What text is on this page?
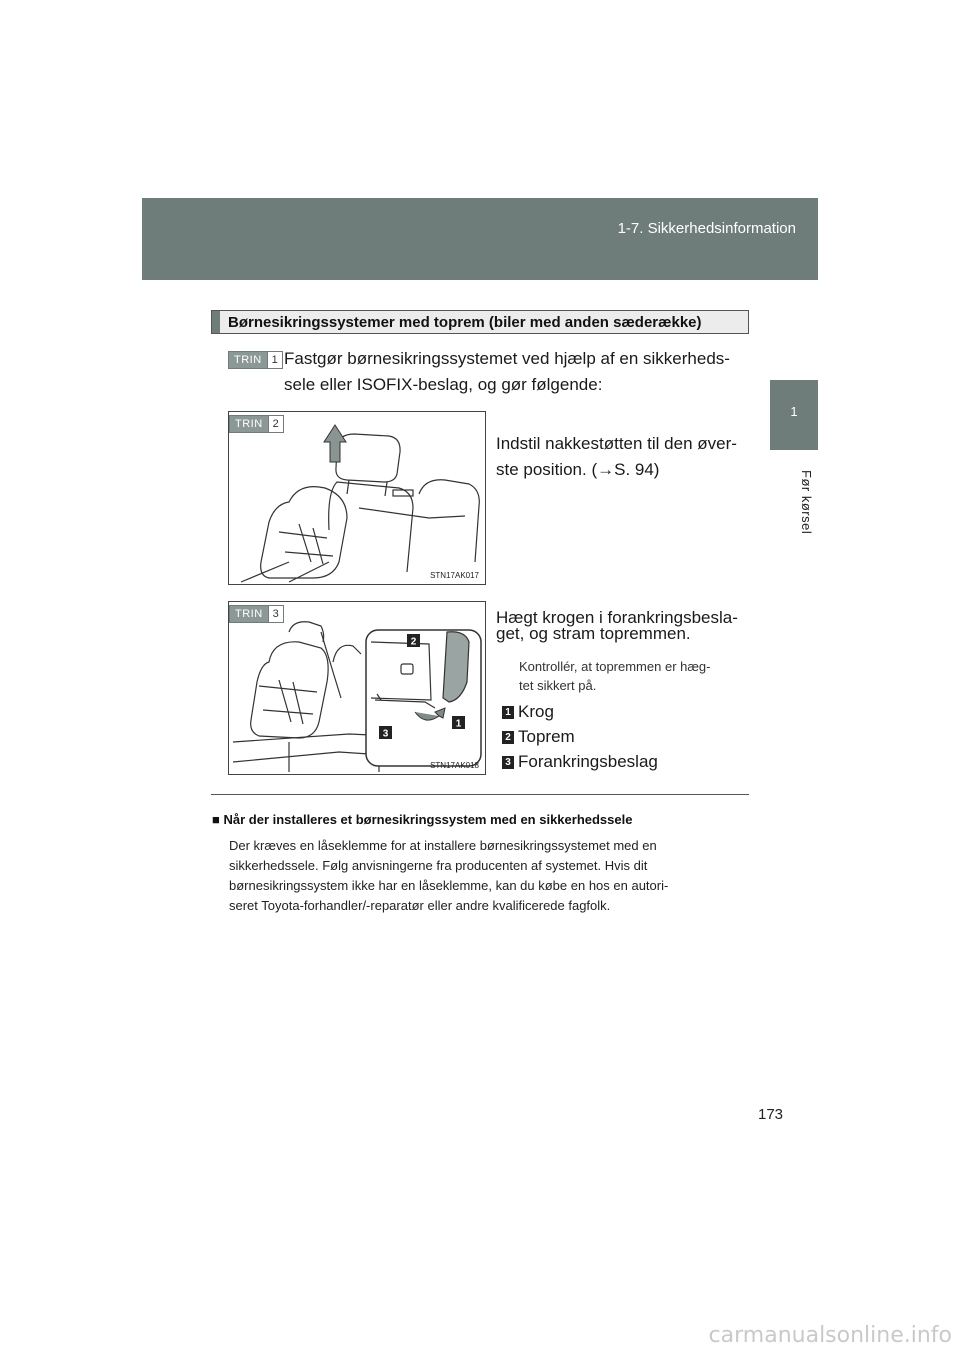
1-7. Sikkerhedsinformation
1
Før kørsel
Børnesikringssystemer med toprem (biler med anden sæderække)
TRIN 1 Fastgør børnesikringssystemet ved hjælp af en sikkerheds-
sele eller ISOFIX-beslag, og gør følgende:
STN17AK017
TRIN 2
Indstil nakkestøtten til den øver-
ste position. (→S. 94)
2
1
3
STN17AK018
TRIN 3	Hægt krogen i forankringsbesla-
get, og stram topremmen.
Kontrollér, at topremmen er hæg-
tet sikkert på.
1 Krog
2 Toprem
3 Forankringsbeslag
■ Når der installeres et børnesikringssystem med en sikkerhedssele
Der kræves en låseklemme for at installere børnesikringssystemet med en
sikkerhedssele. Følg anvisningerne fra producenten af systemet. Hvis dit
børnesikringssystem ikke har en låseklemme, kan du købe en hos en autori-
seret Toyota-forhandler/-reparatør eller andre kvalificerede fagfolk.
173
carmanualsonline.info
